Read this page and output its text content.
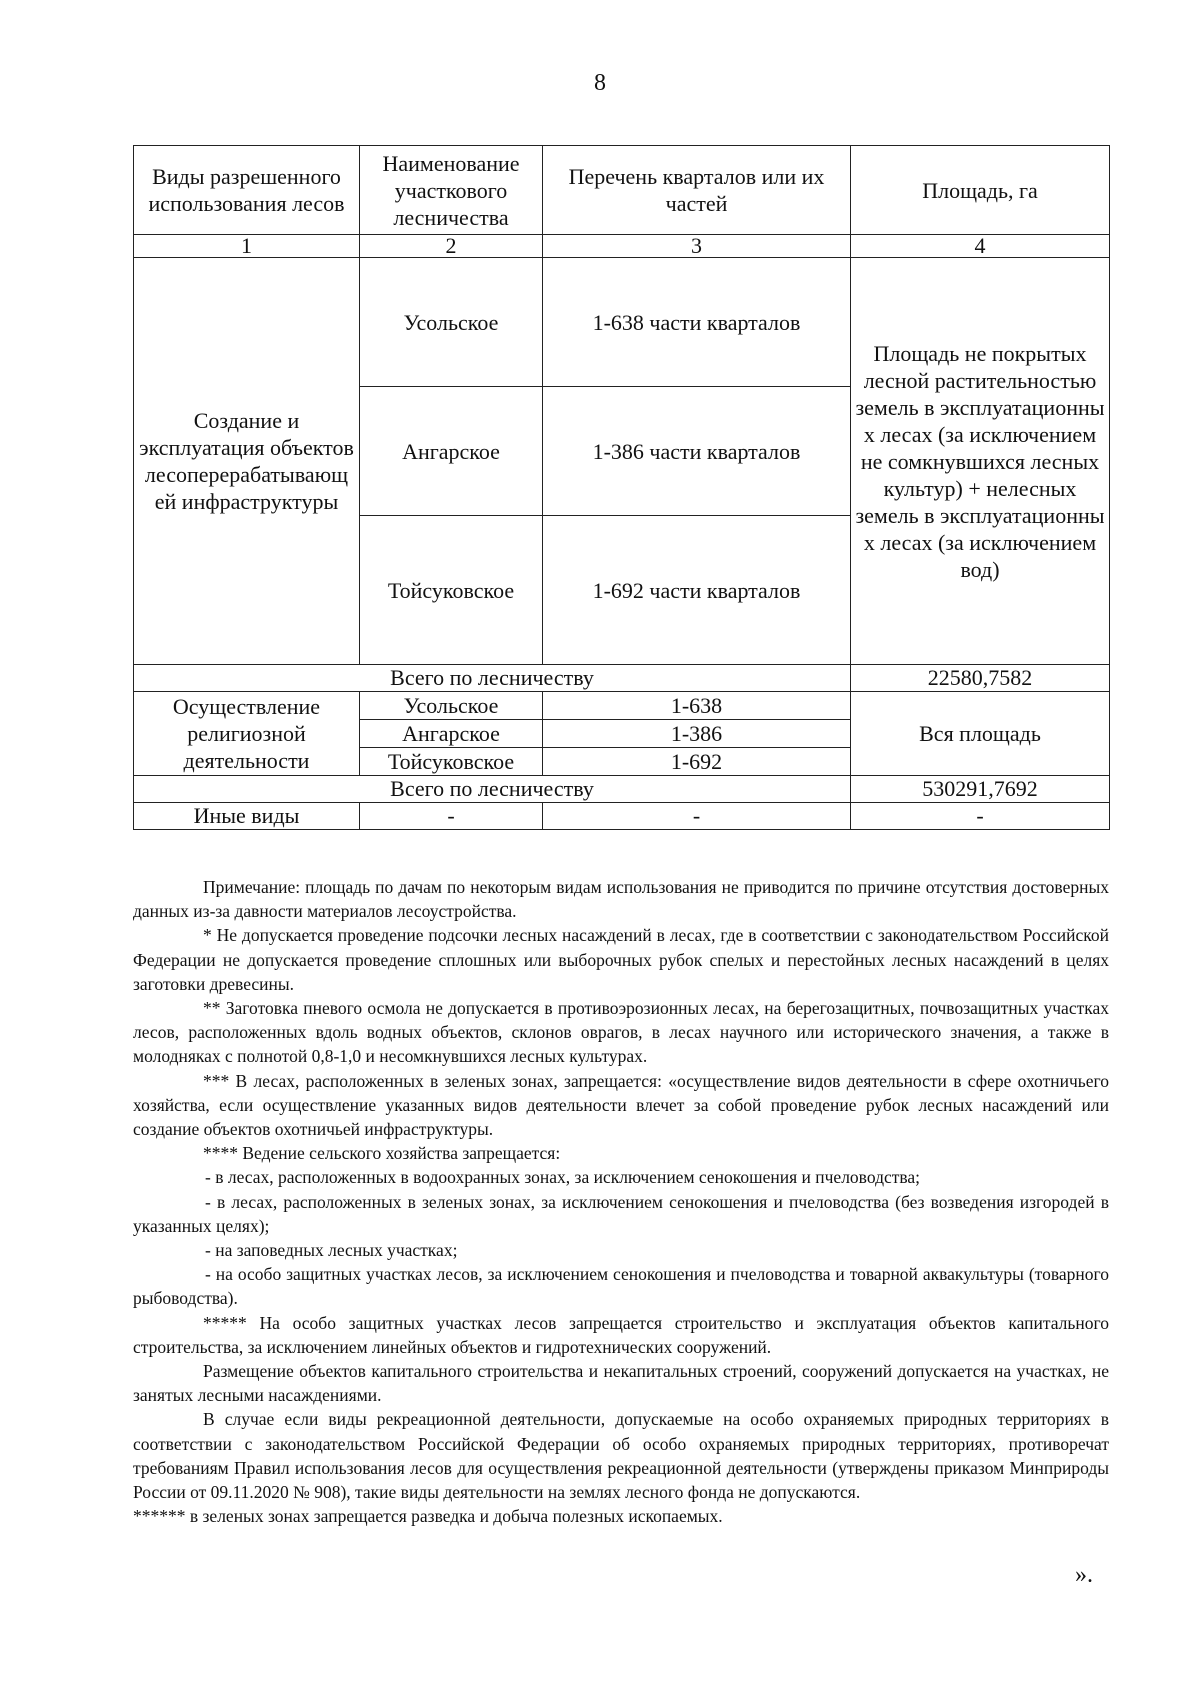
8
Виды разрешенного использования лесов	Наименование участкового лесничества	Перечень кварталов или их частей	Площадь, га
1	2	3	4
Создание и эксплуатация объектов лесоперерабатывающ ей инфраструктуры	Усольское	1-638 части кварталов	Площадь не покрытых лесной растительностью земель в эксплуатационны х лесах (за исключением не сомкнувшихся лесных культур) + нелесных земель в эксплуатационны х лесах (за исключением вод)
	Ангарское	1-386 части кварталов	
	Тойсуковское	1-692 части кварталов	
Всего по лесничеству			22580,7582
Осуществление религиозной деятельности	Усольское	1-638	Вся площадь
	Ангарское	1-386	
	Тойсуковское	1-692	
Всего по лесничеству			530291,7692
Иные виды	-	-	-

Примечание: площадь по дачам по некоторым видам использования не приводится по причине отсутствия достоверных данных из-за давности материалов лесоустройства.

* Не допускается проведение подсочки лесных насаждений в лесах, где в соответствии с законодательством Российской Федерации не допускается проведение сплошных или выборочных рубок спелых и перестойных лесных насаждений в целях заготовки древесины.

** Заготовка пневого осмола не допускается в противоэрозионных лесах, на берегозащитных, почвозащитных участках лесов, расположенных вдоль водных объектов, склонов оврагов, в лесах научного или исторического значения, а также в молодняках с полнотой 0,8-1,0 и несомкнувшихся лесных культурах.

*** В лесах, расположенных в зеленых зонах, запрещается: «осуществление видов деятельности в сфере охотничьего хозяйства, если осуществление указанных видов деятельности влечет за собой проведение рубок лесных насаждений или создание объектов охотничьей инфраструктуры.

**** Ведение сельского хозяйства запрещается:

- в лесах, расположенных в водоохранных зонах, за исключением сенокошения и пчеловодства;

- в лесах, расположенных в зеленых зонах, за исключением сенокошения и пчеловодства (без возведения изгородей в указанных целях);

- на заповедных лесных участках;

- на особо защитных участках лесов, за исключением сенокошения и пчеловодства и товарной аквакультуры (товарного рыбоводства).

***** На особо защитных участках лесов запрещается строительство и эксплуатация объектов капитального строительства, за исключением линейных объектов и гидротехнических сооружений.

Размещение объектов капитального строительства и некапитальных строений, сооружений допускается на участках, не занятых лесными насаждениями.

В случае если виды рекреационной деятельности, допускаемые на особо охраняемых природных территориях в соответствии с законодательством Российской Федерации об особо охраняемых природных территориях, противоречат требованиям Правил использования лесов для осуществления рекреационной деятельности (утверждены приказом Минприроды России от 09.11.2020 № 908), такие виды деятельности на землях лесного фонда не допускаются.

****** в зеленых зонах запрещается разведка и добыча полезных ископаемых.

».
